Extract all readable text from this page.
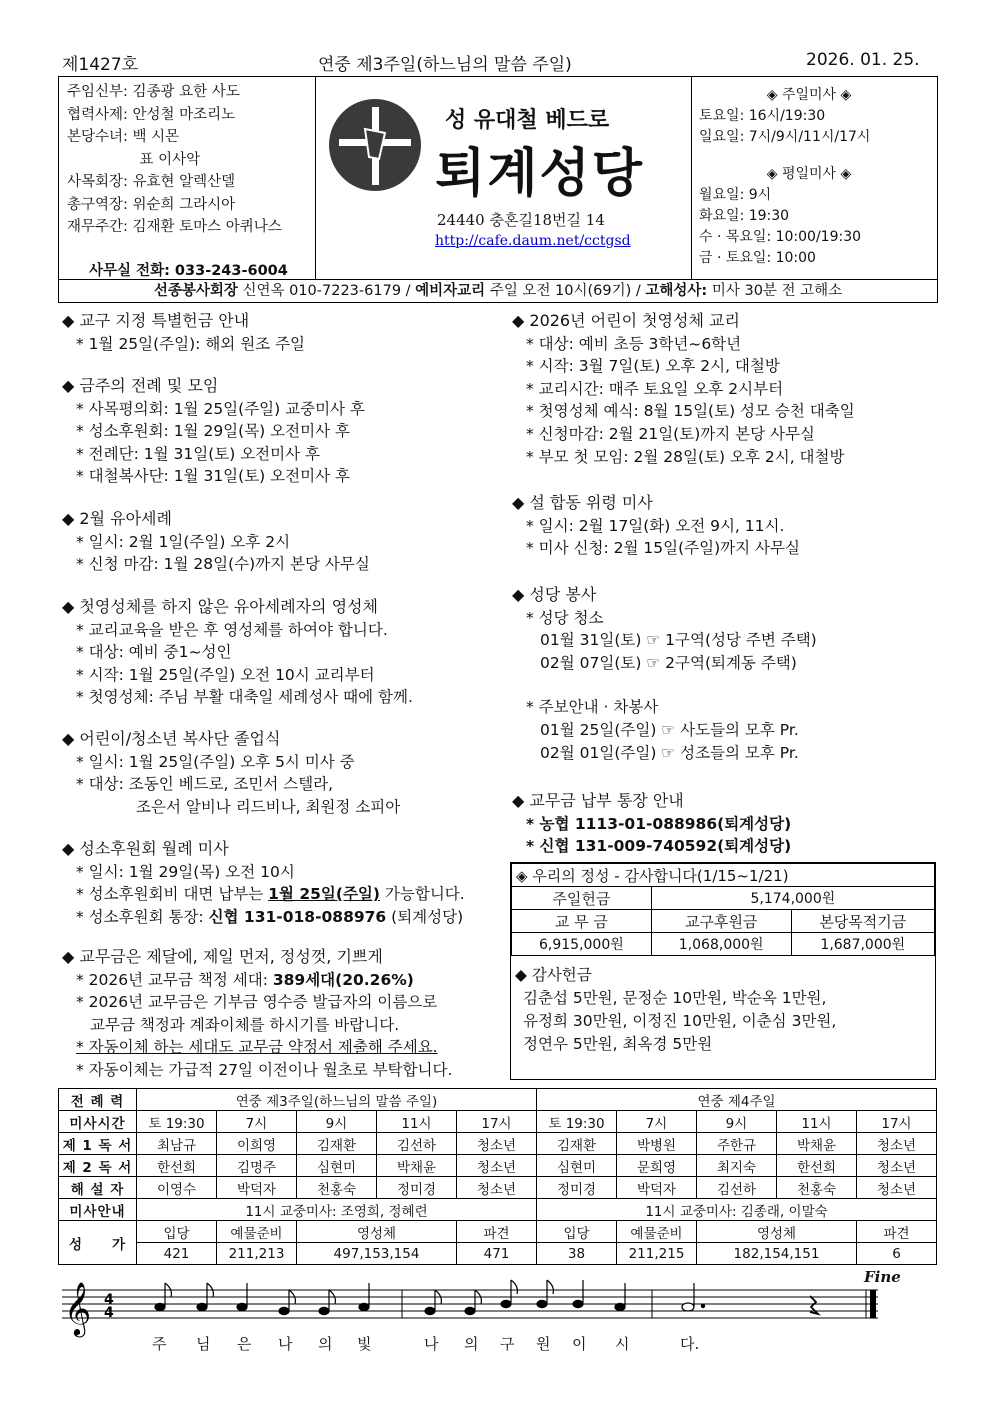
제1427호	연중 제3주일(하느님의 말씀 주일)	2026. 01. 25.
주임신부: 김종광 요한 사도
협력사제: 안성철 마조리노
본당수녀: 백 시몬
　　　　　표 이사악
사목회장: 유효현 알렉산델
총구역장: 위순희 그라시아
재무주간: 김재환 토마스 아퀴나스
사무실 전화: 033-243-6004
성 유대철 베드로
퇴계성당
24440 충혼길18번길 14
http://cafe.daum.net/cctgsd
◈ 주일미사 ◈
토요일: 16시/19:30
일요일: 7시/9시/11시/17시
◈ 평일미사 ◈
월요일: 9시
화요일: 19:30
수 · 목요일: 10:00/19:30
금 · 토요일: 10:00
선종봉사회장 신연옥 010-7223-6179 / 예비자교리 주일 오전 10시(69기) / 고해성사: 미사 30분 전 고해소
◆ 교구 지정 특별헌금 안내
* 1월 25일(주일): 해외 원조 주일
◆ 금주의 전례 및 모임
* 사목평의회: 1월 25일(주일) 교중미사 후
* 성소후원회: 1월 29일(목) 오전미사 후
* 전례단: 1월 31일(토) 오전미사 후
* 대철복사단: 1월 31일(토) 오전미사 후
◆ 2월 유아세례
* 일시: 2월 1일(주일) 오후 2시
* 신청 마감: 1월 28일(수)까지 본당 사무실
◆ 첫영성체를 하지 않은 유아세례자의 영성체
* 교리교육을 받은 후 영성체를 하여야 합니다.
* 대상: 예비 중1~성인
* 시작: 1월 25일(주일) 오전 10시 교리부터
* 첫영성체: 주님 부활 대축일 세례성사 때에 함께.
◆ 어린이/청소년 복사단 졸업식
* 일시: 1월 25일(주일) 오후 5시 미사 중
* 대상: 조동인 베드로, 조민서 스텔라,
조은서 알비나 리드비나, 최원정 소피아
◆ 성소후원회 월례 미사
* 일시: 1월 29일(목) 오전 10시
* 성소후원회비 대면 납부는 1월 25일(주일) 가능합니다.
* 성소후원회 통장: 신협 131-018-088976 (퇴계성당)
◆ 교무금은 제달에, 제일 먼저, 정성껏, 기쁘게
* 2026년 교무금 책정 세대: 389세대(20.26%)
* 2026년 교무금은 기부금 영수증 발급자의 이름으로
교무금 책정과 계좌이체를 하시기를 바랍니다.
* 자동이체 하는 세대도 교무금 약정서 제출해 주세요.
* 자동이체는 가급적 27일 이전이나 월초로 부탁합니다.
◆ 2026년 어린이 첫영성체 교리
* 대상: 예비 초등 3학년~6학년
* 시작: 3월 7일(토) 오후 2시, 대철방
* 교리시간: 매주 토요일 오후 2시부터
* 첫영성체 예식: 8월 15일(토) 성모 승천 대축일
* 신청마감: 2월 21일(토)까지 본당 사무실
* 부모 첫 모임: 2월 28일(토) 오후 2시, 대철방
◆ 설 합동 위령 미사
* 일시: 2월 17일(화) 오전 9시, 11시.
* 미사 신청: 2월 15일(주일)까지 사무실
◆ 성당 봉사
* 성당 청소
01월 31일(토) ☞ 1구역(성당 주변 주택)
02월 07일(토) ☞ 2구역(퇴계동 주택)
* 주보안내 · 차봉사
01월 25일(주일) ☞ 사도들의 모후 Pr.
02월 01일(주일) ☞ 성조들의 모후 Pr.
◆ 교무금 납부 통장 안내
* 농협 1113-01-088986(퇴계성당)
* 신협 131-009-740592(퇴계성당)
◈ 우리의 정성 - 감사합니다(1/15~1/21)		
주일헌금	5,174,000원	
교 무 금	교구후원금	본당목적기금
6,915,000원	1,068,000원	1,687,000원
◆ 감사헌금
김춘섭 5만원, 문정순 10만원, 박순옥 1만원,
유정희 30만원, 이정진 10만원, 이춘심 3만원,
정연우 5만원, 최옥경 5만원
전 례 력	연중 제3주일(하느님의 말씀 주일)					연중 제4주일				
미사시간	토 19:30	7시	9시	11시	17시	토 19:30	7시	9시	11시	17시
제 1 독 서	최남규	이희영	김재환	김선하	청소년	김재환	박병원	주한규	박채윤	청소년
제 2 독 서	한선희	김명주	심현미	박채윤	청소년	심현미	문희영	최지숙	한선희	청소년
해 설 자	이영수	박덕자	천홍숙	정미경	청소년	정미경	박덕자	김선하	천홍숙	청소년
미사안내	11시 교중미사: 조영희, 정혜련					11시 교중미사: 김종래, 이말숙				
성　　가	입당	예물준비	영성체		파견	입당	예물준비	영성체		파견
	421	211,213	497,153,154		471	38	211,215	182,154,151		6
𝄞 4
4
Fine
주 님 은 나 의 빛	나 의 구 원 이 시	다.
